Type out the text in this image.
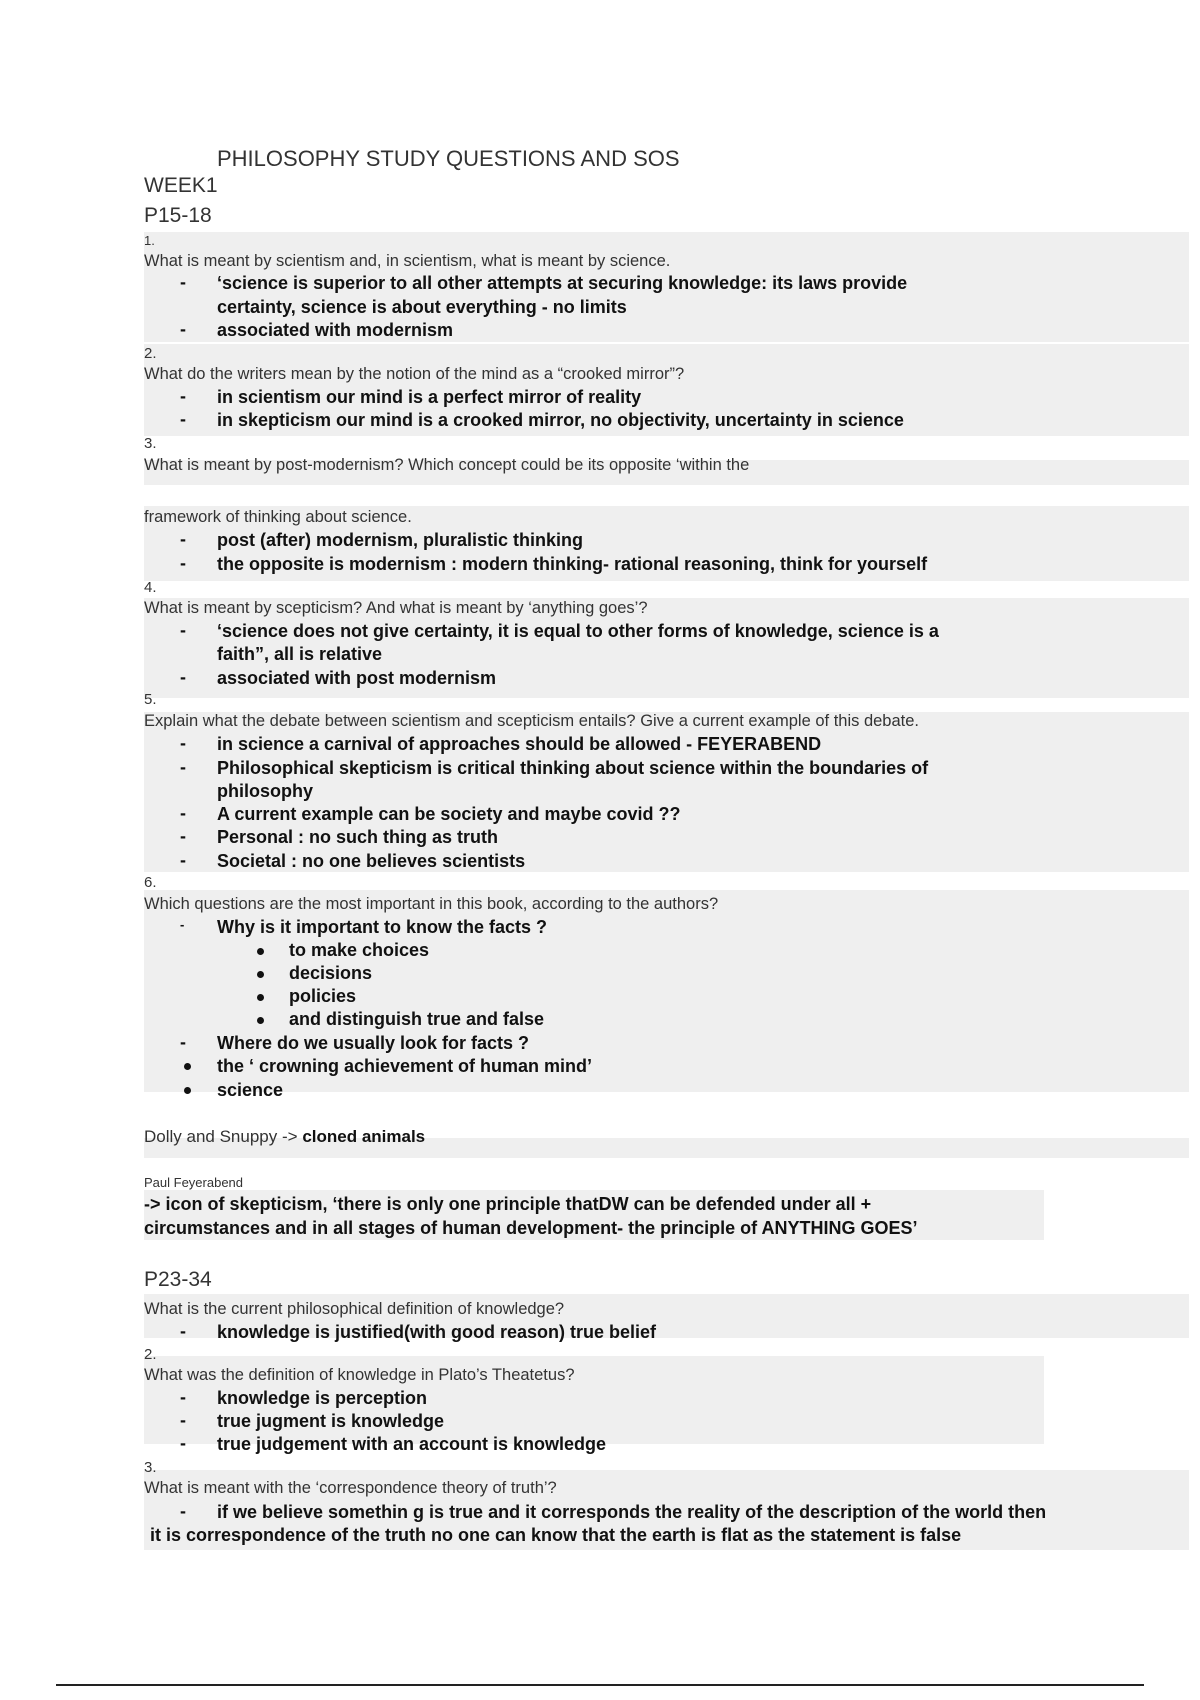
PHILOSOPHY STUDY QUESTIONS AND SOS
WEEK1
P15-18
1.
What is meant by scientism and, in scientism, what is meant by science.
- ‘science is superior to all other attempts at securing knowledge: its laws provide
certainty, science is about everything - no limits
- associated with modernism
2.
What do the writers mean by the notion of the mind as a “crooked mirror”?
- in scientism our mind is a perfect mirror of reality
- in skepticism our mind is a crooked mirror, no objectivity, uncertainty in science
3.
What is meant by post-modernism? Which concept could be its opposite ‘within the
framework of thinking about science.
- post (after) modernism, pluralistic thinking
- the opposite is modernism : modern thinking- rational reasoning, think for yourself
4.
What is meant by scepticism? And what is meant by ‘anything goes’?
- ‘science does not give certainty, it is equal to other forms of knowledge, science is a
faith”, all is relative
- associated with post modernism
5.
Explain what the debate between scientism and scepticism entails? Give a current example of this debate.
- in science a carnival of approaches should be allowed - FEYERABEND
- Philosophical skepticism is critical thinking about science within the boundaries of
philosophy
- A current example can be society and maybe covid ??
- Personal : no such thing as truth
- Societal : no one believes scientists
6.
Which questions are the most important in this book, according to the authors?
- Why is it important to know the facts ?
to make choices
decisions
policies
and distinguish true and false
- Where do we usually look for facts ?
the ‘ crowning achievement of human mind’
science
Dolly and Snuppy -> cloned animals
Paul Feyerabend
-> icon of skepticism, ‘there is only one principle thatDW can be defended under all +
circumstances and in all stages of human development- the principle of ANYTHING GOES’
P23-34
What is the current philosophical definition of knowledge?
- knowledge is justified(with good reason) true belief
2.
What was the definition of knowledge in Plato’s Theatetus?
- knowledge is perception
- true jugment is knowledge
- true judgement with an account is knowledge
3.
What is meant with the ‘correspondence theory of truth’?
- if we believe somethin g is true and it corresponds the reality of the description of the world then
it is correspondence of the truth no one can know that the earth is flat as the statement is false
